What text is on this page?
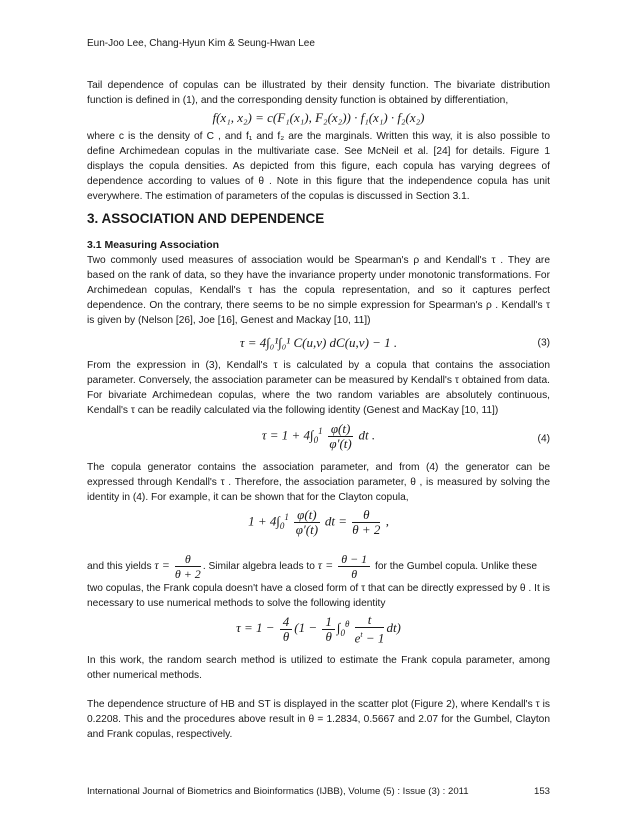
Eun-Joo Lee, Chang-Hyun Kim & Seung-Hwan Lee

Tail dependence of copulas can be illustrated by their density function. The bivariate distribution function is defined in (1), and the corresponding density function is obtained by differentiation,

f(x₁, x₂) = c(F₁(x₁), F₂(x₂)) · f₁(x₁) · f₂(x₂)

where c is the density of C , and f₁ and f₂ are the marginals. Written this way, it is also possible to define Archimedean copulas in the multivariate case. See McNeil et al. [24] for details. Figure 1 displays the copula densities. As depicted from this figure, each copula has varying degrees of dependence according to values of θ . Note in this figure that the independence copula has unit everywhere. The estimation of parameters of the copulas is discussed in Section 3.1.

3. ASSOCIATION AND DEPENDENCE
3.1 Measuring Association

Two commonly used measures of association would be Spearman's ρ and Kendall's τ . They are based on the rank of data, so they have the invariance property under monotonic transformations. For Archimedean copulas, Kendall's τ has the copula representation, and so it captures perfect dependence. On the contrary, there seems to be no simple expression for Spearman's ρ . Kendall's τ is given by (Nelson [26], Joe [16], Genest and Mackay [10, 11])

τ = 4∫₀¹∫₀¹ C(u,v) dC(u,v) − 1 .	(3)

From the expression in (3), Kendall's τ is calculated by a copula that contains the association parameter. Conversely, the association parameter can be measured by Kendall's τ obtained from data. For bivariate Archimedean copulas, where the two random variables are absolutely continuous, Kendall's τ can be readily calculated via the following identity (Genest and MacKay [10, 11])

$\tau = 1 + 4\int_0^1 \frac{\varphi(t)}{\varphi'(t)}$ dt .	(4)

The copula generator contains the association parameter, and from (4) the generator can be expressed through Kendall's τ . Therefore, the association parameter, θ , is measured by solving the identity in (4). For example, it can be shown that for the Clayton copula,

$1 + 4\int_0^1 \frac{\varphi(t)}{\varphi'(t)}$ dt = $\frac{\theta}{\theta + 2}$ ,

and this yields $\tau = \frac{\theta}{\theta + 2}$ . Similar algebra leads to $\tau = \frac{\theta - 1}{\theta}$ for the Gumbel copula. Unlike these

two copulas, the Frank copula doesn't have a closed form of τ that can be directly expressed by θ . It is necessary to use numerical methods to solve the following identity

$\tau = 1 - \frac{4}{\theta} (1 - \frac{1}{\theta} \int_0^\theta \frac{t}{e^t - 1} dt)$

In this work, the random search method is utilized to estimate the Frank copula parameter, among other numerical methods.

The dependence structure of HB and ST is displayed in the scatter plot (Figure 2), where Kendall's τ is 0.2208. This and the procedures above result in θ = 1.2834, 0.5667 and 2.07 for the Gumbel, Clayton and Frank copulas, respectively.

International Journal of Biometrics and Bioinformatics (IJBB), Volume (5) : Issue (3) : 2011	153
